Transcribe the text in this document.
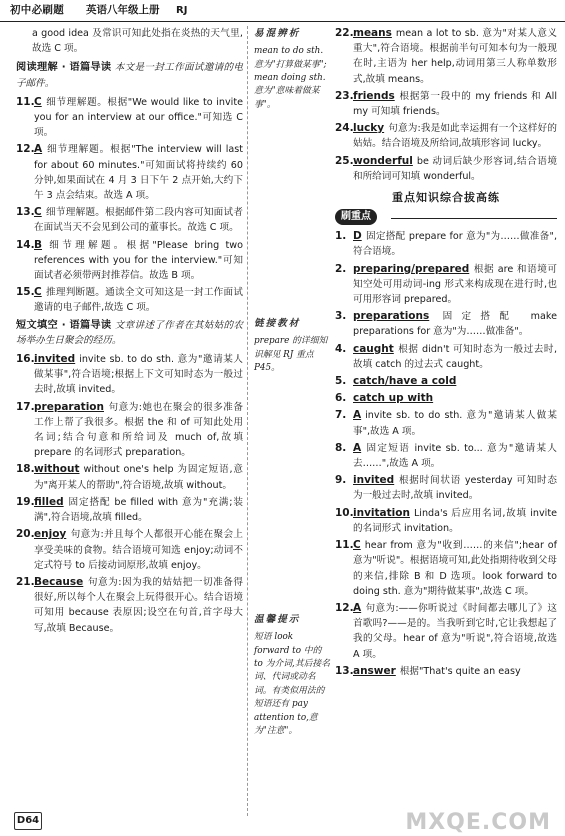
初中必刷题 英语八年级上册 RJ
a good idea 及常识可知此处指在炎热的天气里,故选 C 项。
阅读理解 · 语篇导读 本文是一封工作面试邀请的电子邮件。
11. C 细节理解题。根据"We would like to invite you for an interview at our office."可知选 C 项。
12. A 细节理解题。根据"The interview will last for about 60 minutes."可知面试将持续约 60 分钟,如果面试在 4 月 3 日下午 2 点开始,大约下午 3 点会结束。故选 A 项。
13. C 细节理解题。根据邮件第二段内容可知面试者在面试当天不会见到公司的董事长。故选 C 项。
14. B 细节理解题。根据"Please bring two references with you for the interview."可知面试者必须带两封推荐信。故选 B 项。
15. C 推理判断题。通读全文可知这是一封工作面试邀请的电子邮件,故选 C 项。
短文填空 · 语篇导读 文章讲述了作者在其姑姑的农场举办生日聚会的经历。
16. invited invite sb. to do sth. 意为"邀请某人做某事",符合语境;根据上下文可知时态为一般过去时,故填 invited。
17. preparation 句意为:她也在聚会的很多准备工作上帮了我很多。根据 the 和 of 可知此处用名词;结合句意和所给词及 much of,故填 prepare 的名词形式 preparation。
18. without without one's help 为固定短语,意为"离开某人的帮助",符合语境,故填 without。
19. filled 固定搭配 be filled with 意为"充满;装满",符合语境,故填 filled。
20. enjoy 句意为:并且每个人都很开心能在聚会上享受美味的食物。结合语境可知选 enjoy;动词不定式符号 to 后接动词原形,故填 enjoy。
21. Because 句意为:因为我的姑姑把一切准备得很好,所以每个人在聚会上玩得很开心。结合语境可知用 because 表原因;设空在句首,首字母大写,故填 Because。
易混辨析
mean to do sth. 意为"打算做某事"; mean doing sth. 意为"意味着做某事"。
链接教材
prepare 的详细知识解见 RJ 重点 P45。
温馨提示
短语 look forward to 中的 to 为介词,其后接名词、代词或动名词。有类似用法的短语还有 pay attention to,意为"注意"。
22. means mean a lot to sb. 意为"对某人意义重大",符合语境。根据前半句可知本句为一般现在时,主语为 her help,动词用第三人称单数形式,故填 means。
23. friends 根据第一段中的 my friends 和 All my 可知填 friends。
24. lucky 句意为:我是如此幸运拥有一个这样好的姑姑。结合语境及所给词,故填形容词 lucky。
25. wonderful be 动词后缺少形容词,结合语境和所给词可知填 wonderful。
重点知识综合拔高练
刷重点
1. D 固定搭配 prepare for 意为"为……做准备",符合语境。
2. preparing/prepared 根据 are 和语境可知空处可用动词-ing 形式来构成现在进行时,也可用形容词 prepared。
3. preparations 固定搭配 make preparations for 意为"为……做准备"。
4. caught 根据 didn't 可知时态为一般过去时,故填 catch 的过去式 caught。
5. catch/have a cold
6. catch up with
7. A invite sb. to do sth. 意为"邀请某人做某事",故选 A 项。
8. A 固定短语 invite sb. to... 意为"邀请某人去……",故选 A 项。
9. invited 根据时间状语 yesterday 可知时态为一般过去时,故填 invited。
10. invitation Linda's 后应用名词,故填 invite 的名词形式 invitation。
11. C hear from 意为"收到……的来信";hear of 意为"听说"。根据语境可知,此处指期待收到父母的来信,排除 B 和 D 选项。look forward to doing sth. 意为"期待做某事",故选 C 项。
12. A 句意为:——你听说过《时间都去哪儿了》这首歌吗?——是的。当我听到它时,它让我想起了我的父母。hear of 意为"听说",符合语境,故选 A 项。
13. answer 根据"That's quite an easy
D64	MXQE.COM
